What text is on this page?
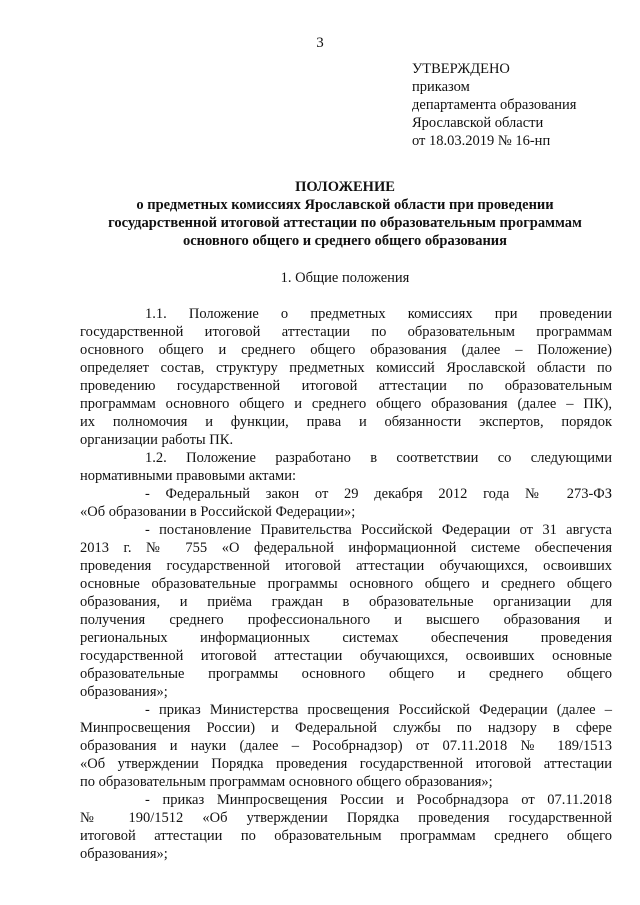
3
УТВЕРЖДЕНО
приказом
департамента образования
Ярославской области
от 18.03.2019 № 16-нп
ПОЛОЖЕНИЕ
о предметных комиссиях Ярославской области при проведении
государственной итоговой аттестации по образовательным программам
основного общего и среднего общего образования
1. Общие положения
1.1. Положение о предметных комиссиях при проведении
государственной итоговой аттестации по образовательным программам
основного общего и среднего общего образования (далее – Положение)
определяет состав, структуру предметных комиссий Ярославской области по
проведению государственной итоговой аттестации по образовательным
программам основного общего и среднего общего образования (далее – ПК),
их полномочия и функции, права и обязанности экспертов, порядок
организации работы ПК.
1.2. Положение разработано в соответствии со следующими
нормативными правовыми актами:
- Федеральный закон от 29 декабря 2012 года № 273-ФЗ
«Об образовании в Российской Федерации»;
- постановление Правительства Российской Федерации от 31 августа
2013 г. № 755 «О федеральной информационной системе обеспечения
проведения государственной итоговой аттестации обучающихся, освоивших
основные образовательные программы основного общего и среднего общего
образования, и приёма граждан в образовательные организации для
получения среднего профессионального и высшего образования и
региональных информационных системах обеспечения проведения
государственной итоговой аттестации обучающихся, освоивших основные
образовательные программы основного общего и среднего общего
образования»;
- приказ Министерства просвещения Российской Федерации (далее –
Минпросвещения России) и Федеральной службы по надзору в сфере
образования и науки (далее – Рособрнадзор) от 07.11.2018 № 189/1513
«Об утверждении Порядка проведения государственной итоговой аттестации
по образовательным программам основного общего образования»;
- приказ Минпросвещения России и Рособрнадзора от 07.11.2018
№ 190/1512 «Об утверждении Порядка проведения государственной
итоговой аттестации по образовательным программам среднего общего
образования»;
